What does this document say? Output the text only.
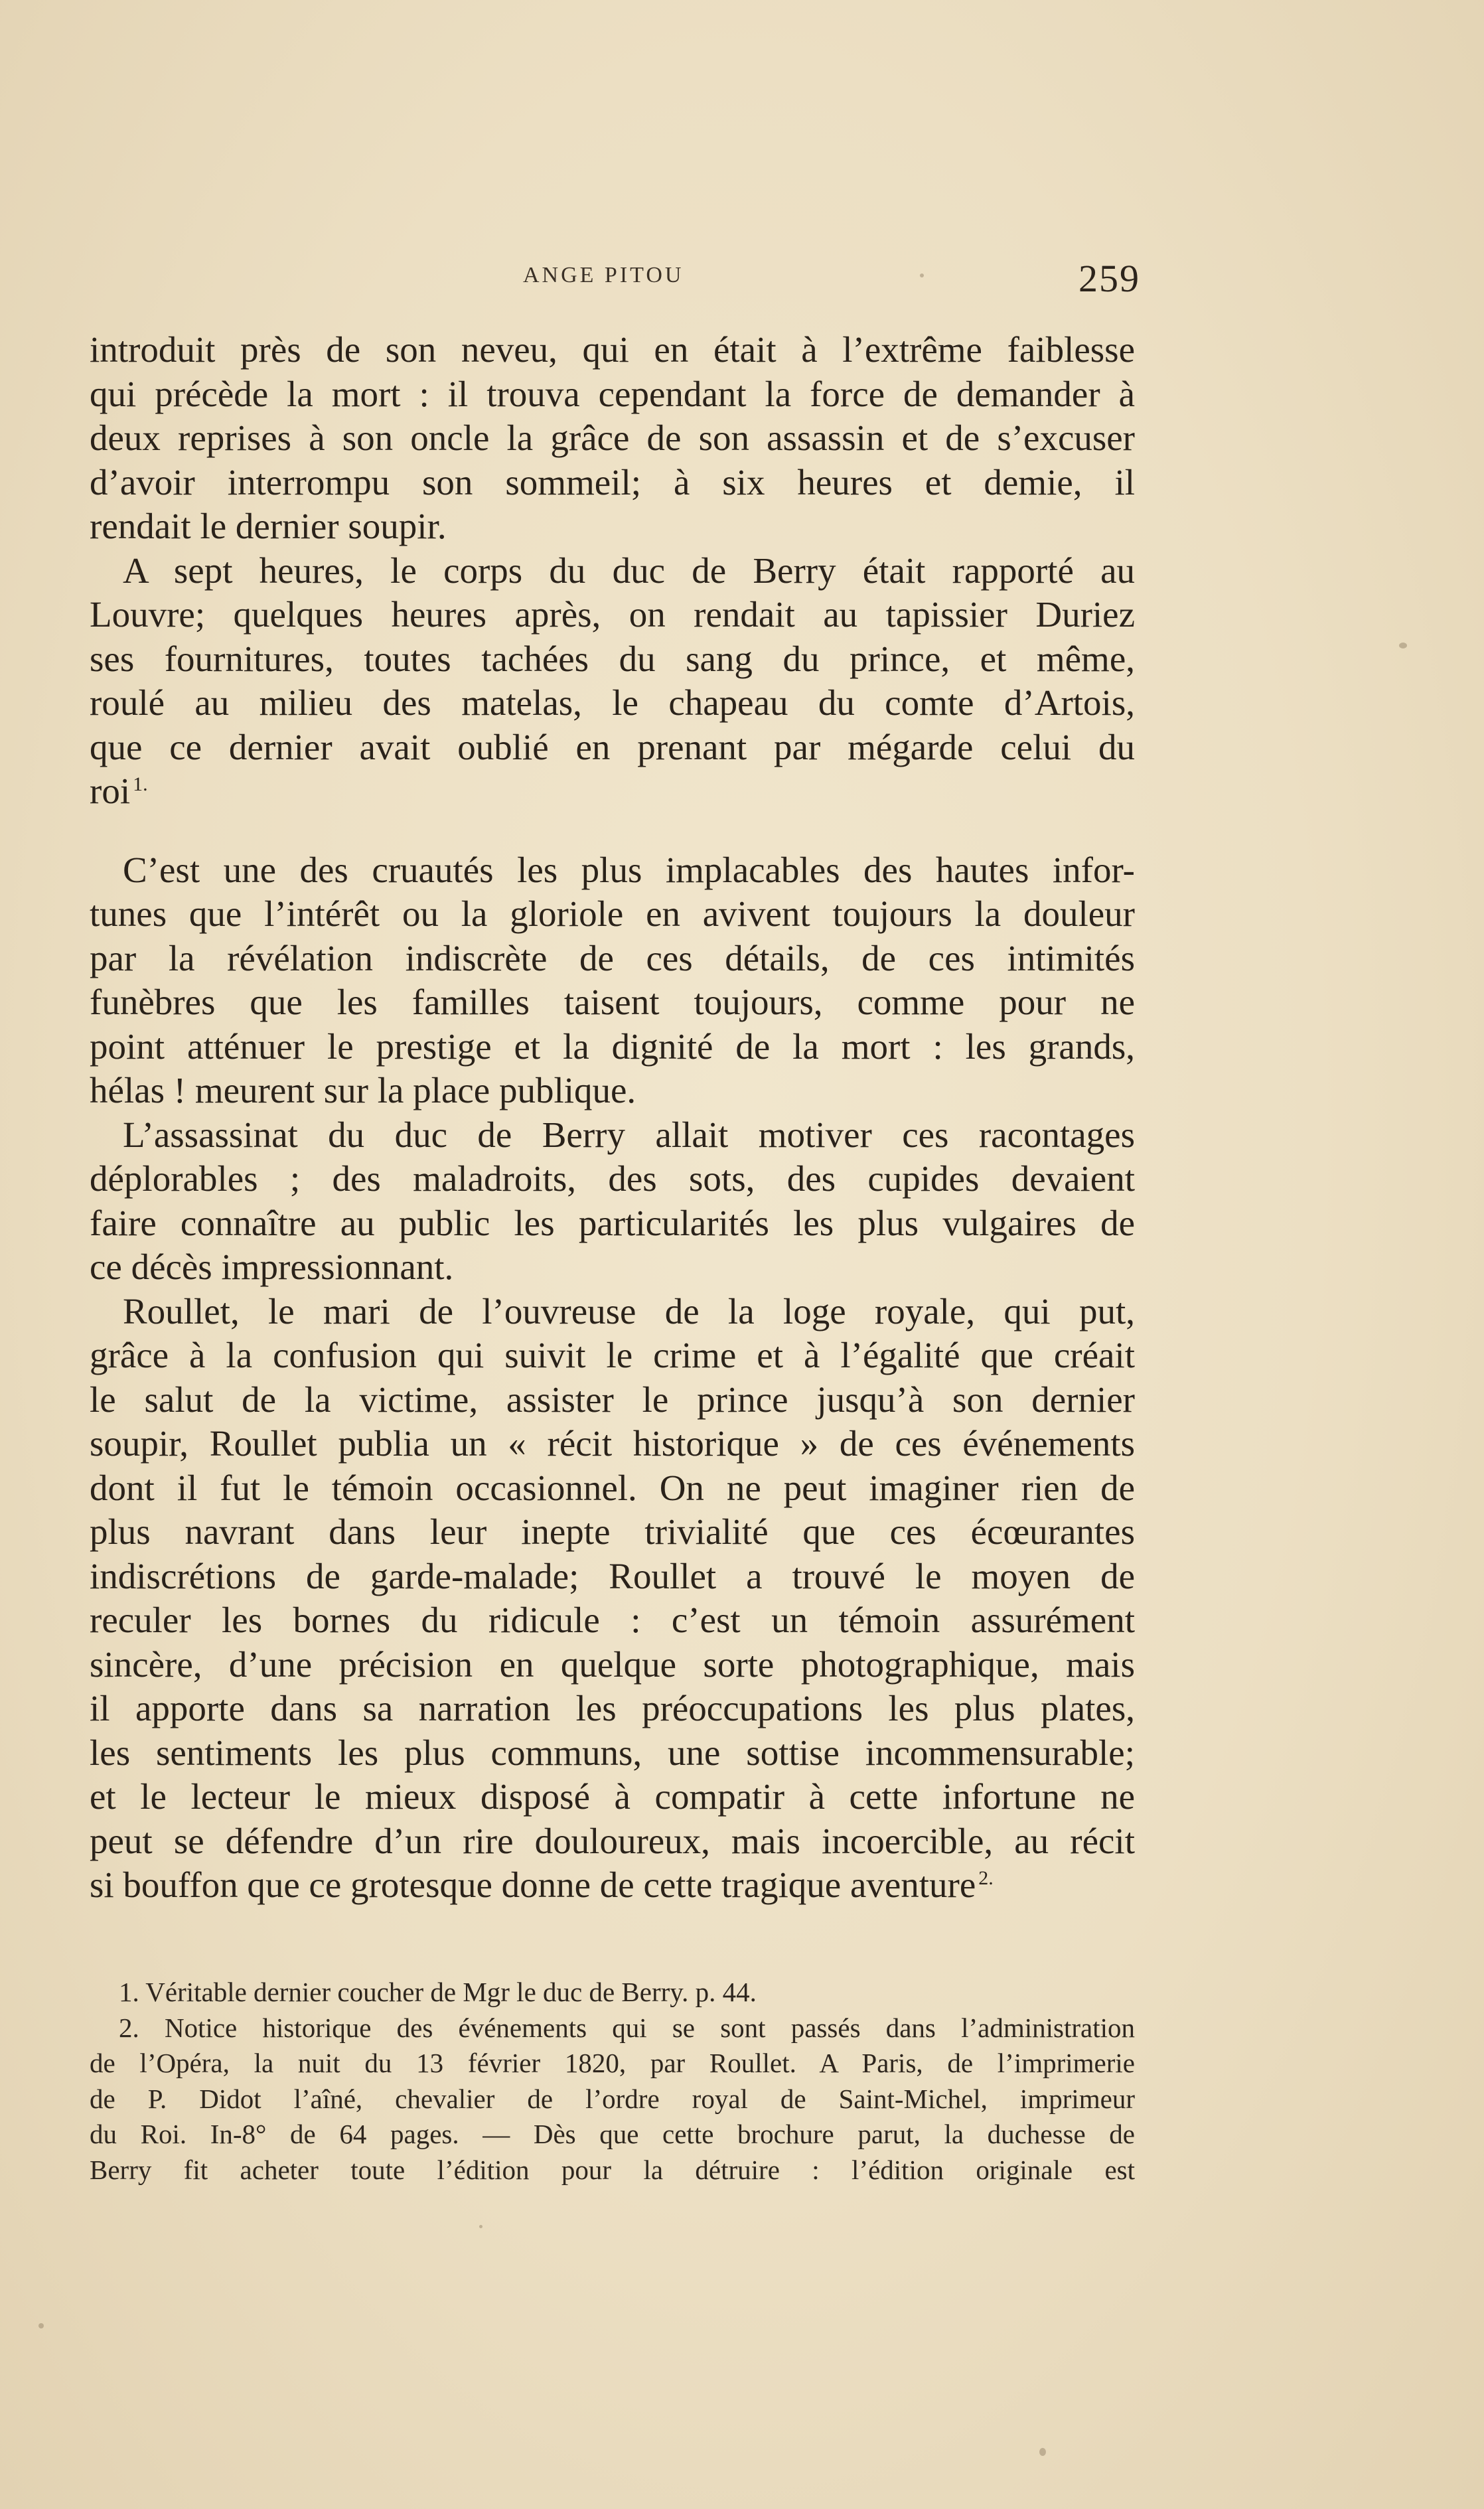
ANGE PITOU	259
introduit près de son neveu, qui en était à l’extrême faiblesse
qui précède la mort : il trouva cependant la force de demander à
deux reprises à son oncle la grâce de son assassin et de s’excuser
d’avoir interrompu son sommeil; à six heures et demie, il
rendait le dernier soupir.
A sept heures, le corps du duc de Berry était rapporté au
Louvre; quelques heures après, on rendait au tapissier Duriez
ses fournitures, toutes tachées du sang du prince, et même,
roulé au milieu des matelas, le chapeau du comte d’Artois,
que ce dernier avait oublié en prenant par mégarde celui du
roi $^{1.}$
C’est une des cruautés les plus implacables des hautes infor-
tunes que l’intérêt ou la gloriole en avivent toujours la douleur
par la révélation indiscrète de ces détails, de ces intimités
funèbres que les familles taisent toujours, comme pour ne
point atténuer le prestige et la dignité de la mort : les grands,
hélas ! meurent sur la place publique.
L’assassinat du duc de Berry allait motiver ces racontages
déplorables ; des maladroits, des sots, des cupides devaient
faire connaître au public les particularités les plus vulgaires de
ce décès impressionnant.
Roullet, le mari de l’ouvreuse de la loge royale, qui put,
grâce à la confusion qui suivit le crime et à l’égalité que créait
le salut de la victime, assister le prince jusqu’à son dernier
soupir, Roullet publia un « récit historique » de ces événements
dont il fut le témoin occasionnel. On ne peut imaginer rien de
plus navrant dans leur inepte trivialité que ces écœurantes
indiscrétions de garde-malade; Roullet a trouvé le moyen de
reculer les bornes du ridicule : c’est un témoin assurément
sincère, d’une précision en quelque sorte photographique, mais
il apporte dans sa narration les préoccupations les plus plates,
les sentiments les plus communs, une sottise incommensurable;
et le lecteur le mieux disposé à compatir à cette infortune ne
peut se défendre d’un rire douloureux, mais incoercible, au récit
si bouffon que ce grotesque donne de cette tragique aventure $^{2.}$
1. Véritable dernier coucher de Mgr le duc de Berry. p. 44.
2. Notice historique des événements qui se sont passés dans l’administration
de l’Opéra, la nuit du 13 février 1820, par Roullet. A Paris, de l’imprimerie
de P. Didot l’aîné, chevalier de l’ordre royal de Saint-Michel, imprimeur
du Roi. In-8° de 64 pages. — Dès que cette brochure parut, la duchesse de
Berry fit acheter toute l’édition pour la détruire : l’édition originale est
